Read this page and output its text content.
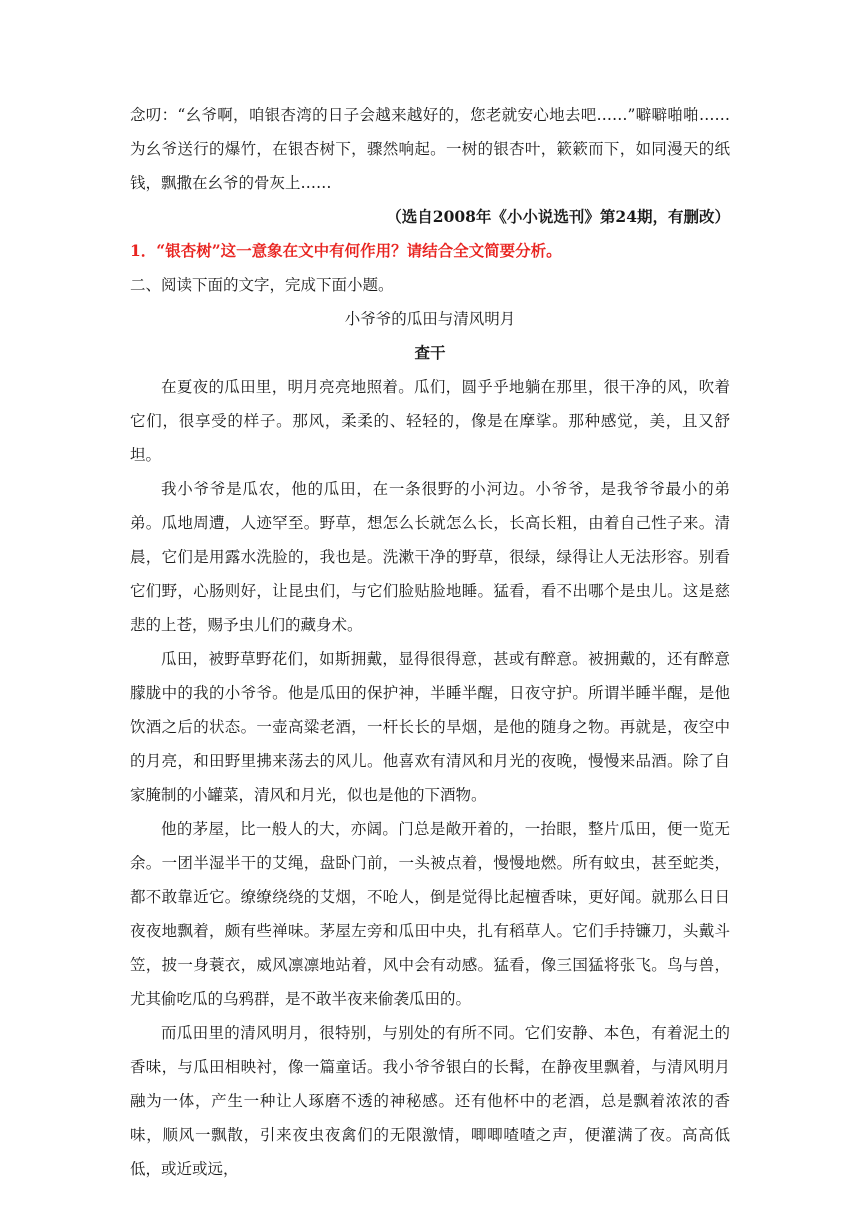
念叨：“幺爷啊，咱银杏湾的日子会越来越好的，您老就安心地去吧……”噼噼啪啪……为幺爷送行的爆竹，在银杏树下，骤然响起。一树的银杏叶，簌簌而下，如同漫天的纸钱，飘撒在幺爷的骨灰上……

（选自2008年《小小说选刊》第24期，有删改）

1．“银杏树”这一意象在文中有何作用？请结合全文简要分析。

二、阅读下面的文字，完成下面小题。

小爷爷的瓜田与清风明月

查干

在夏夜的瓜田里，明月亮亮地照着。瓜们，圆乎乎地躺在那里，很干净的风，吹着它们，很享受的样子。那风，柔柔的、轻轻的，像是在摩挲。那种感觉，美，且又舒坦。

我小爷爷是瓜农，他的瓜田，在一条很野的小河边。小爷爷，是我爷爷最小的弟弟。瓜地周遭，人迹罕至。野草，想怎么长就怎么长，长高长粗，由着自己性子来。清晨，它们是用露水洗脸的，我也是。洗漱干净的野草，很绿，绿得让人无法形容。别看它们野，心肠则好，让昆虫们，与它们脸贴脸地睡。猛看，看不出哪个是虫儿。这是慈悲的上苍，赐予虫儿们的藏身术。

瓜田，被野草野花们，如斯拥戴，显得很得意，甚或有醉意。被拥戴的，还有醉意朦胧中的我的小爷爷。他是瓜田的保护神，半睡半醒，日夜守护。所谓半睡半醒，是他饮酒之后的状态。一壶高粱老酒，一杆长长的旱烟，是他的随身之物。再就是，夜空中的月亮，和田野里拂来荡去的风儿。他喜欢有清风和月光的夜晚，慢慢来品酒。除了自家腌制的小罐菜，清风和月光，似也是他的下酒物。

他的茅屋，比一般人的大，亦阔。门总是敞开着的，一抬眼，整片瓜田，便一览无余。一团半湿半干的艾绳，盘卧门前，一头被点着，慢慢地燃。所有蚊虫，甚至蛇类，都不敢靠近它。缭缭绕绕的艾烟，不呛人，倒是觉得比起檀香味，更好闻。就那么日日夜夜地飘着，颇有些禅味。茅屋左旁和瓜田中央，扎有稻草人。它们手持镰刀，头戴斗笠，披一身蓑衣，威风凛凛地站着，风中会有动感。猛看，像三国猛将张飞。鸟与兽，尤其偷吃瓜的乌鸦群，是不敢半夜来偷袭瓜田的。

而瓜田里的清风明月，很特别，与别处的有所不同。它们安静、本色，有着泥土的香味，与瓜田相映衬，像一篇童话。我小爷爷银白的长髯，在静夜里飘着，与清风明月融为一体，产生一种让人琢磨不透的神秘感。还有他杯中的老酒，总是飘着浓浓的香味，顺风一飘散，引来夜虫夜禽们的无限激情，唧唧喳喳之声，便灌满了夜。高高低低，或近或远，
